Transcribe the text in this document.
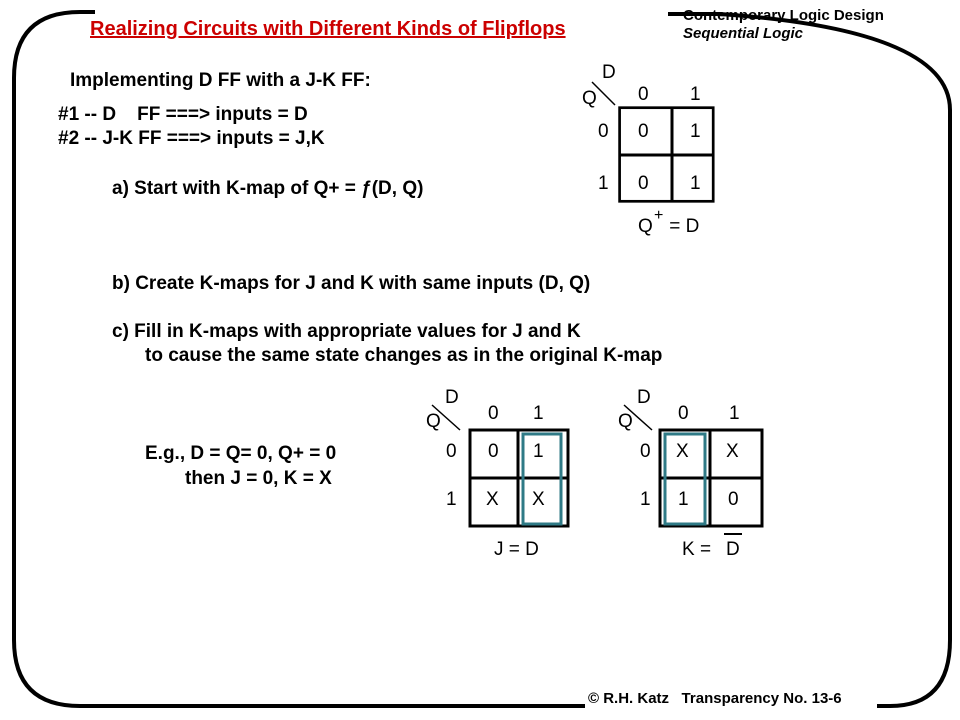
Realizing Circuits with Different Kinds of Flipflops
Contemporary Logic Design
Sequential Logic
Implementing D FF with a J-K FF:
#1 -- D    FF ===> inputs = D
#2 -- J-K FF ===> inputs = J,K
a) Start with K-map of Q+ = ƒ(D, Q)
b) Create K-maps for J and K with same inputs (D, Q)
c) Fill in K-maps with appropriate values for J and K
to cause the same state changes as in the original K-map
E.g., D = Q= 0, Q+ = 0
then J = 0, K = X
D
Q 0 1
0
1
0 1
0 1
Q
+
= D
D
Q 0 1
0
1
0 1
X X
J = D
D
Q 0 1
0
1
X X
1 0
K = D
© R.H. Katz   Transparency No. 13-6
